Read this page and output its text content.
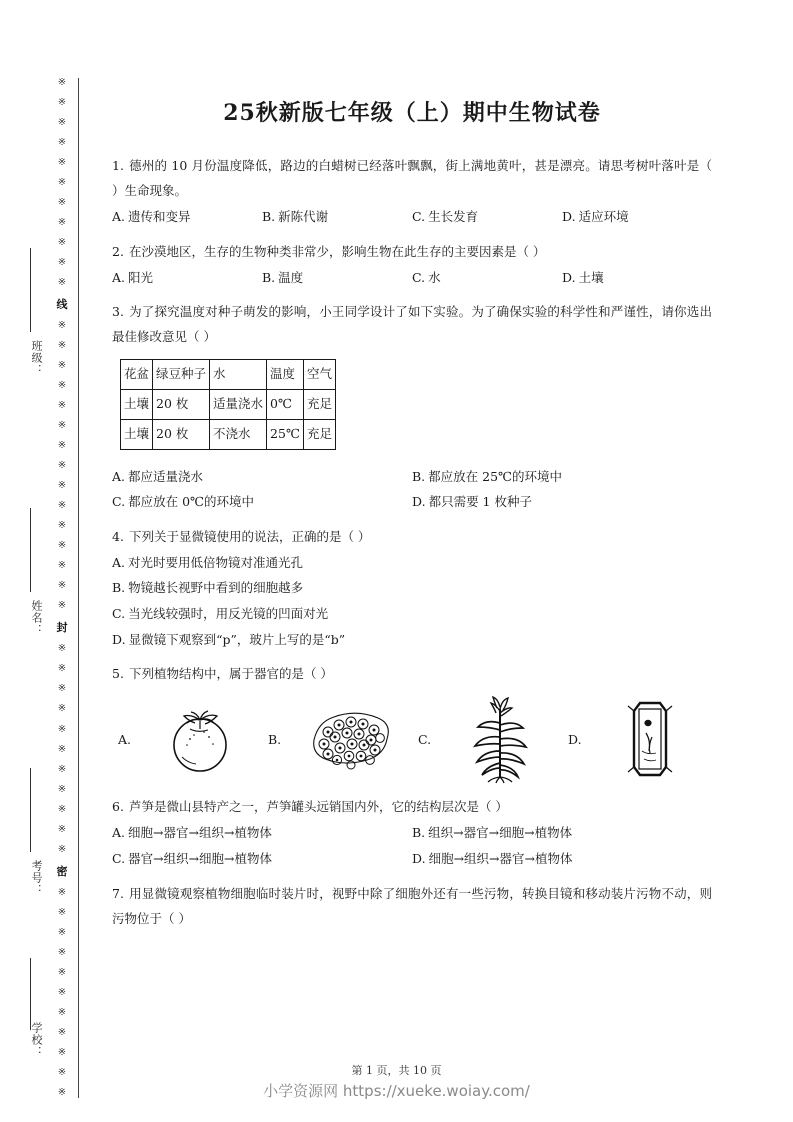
班级：
姓名：
考号：
学校：
※
※
※
※
※
※
※
※
※
※
※
线
※
※
※
※
※
※
※
※
※
※
※
※
※
※
※
封
※
※
※
※
※
※
※
※
※
※
※
密
※
※
※
※
※
※
※
※
※
※
※
25秋新版七年级（上）期中生物试卷
1. 德州的 10 月份温度降低，路边的白蜡树已经落叶飘飘，街上满地黄叶，甚是漂亮。请思考树叶落叶是（ ）生命现象。
A. 遗传和变异	B. 新陈代谢	C. 生长发育	D. 适应环境
2. 在沙漠地区，生存的生物种类非常少，影响生物在此生存的主要因素是（ ）
A. 阳光	B. 温度	C. 水	D. 土壤
3. 为了探究温度对种子萌发的影响，小王同学设计了如下实验。为了确保实验的科学性和严谨性，请你选出最佳修改意见（ ）
花盆	绿豆种子	水	温度	空气
土壤	20 枚	适量浇水	0℃	充足
土壤	20 枚	不浇水	25℃	充足
A. 都应适量浇水	B. 都应放在 25℃的环境中
C. 都应放在 0℃的环境中	D. 都只需要 1 枚种子
4. 下列关于显微镜使用的说法，正确的是（ ）
A. 对光时要用低倍物镜对准通光孔
B. 物镜越长视野中看到的细胞越多
C. 当光线较强时，用反光镜的凹面对光
D. 显微镜下观察到“p”，玻片上写的是“b”
5. 下列植物结构中，属于器官的是（ ）
A.	B.	C.	D.
6. 芦笋是微山县特产之一，芦笋罐头远销国内外，它的结构层次是（ ）
A. 细胞→器官→组织→植物体	B. 组织→器官→细胞→植物体
C. 器官→组织→细胞→植物体	D. 细胞→组织→器官→植物体
7. 用显微镜观察植物细胞临时装片时，视野中除了细胞外还有一些污物，转换目镜和移动装片污物不动，则污物位于（ ）
第 1 页，共 10 页
小学资源网 https://xueke.woiay.com/
